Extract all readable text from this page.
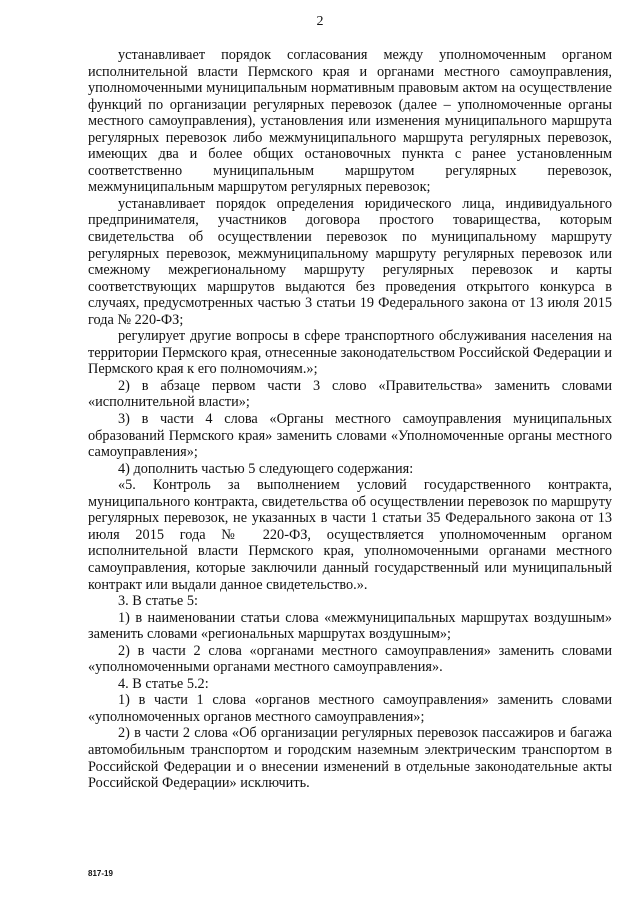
2

устанавливает порядок согласования между уполномоченным органом исполнительной власти Пермского края и органами местного самоуправления, уполномоченными муниципальным нормативным правовым актом на осуществление функций по организации регулярных перевозок (далее – уполномоченные органы местного самоуправления), установления или изменения муниципального маршрута регулярных перевозок либо межмуниципального маршрута регулярных перевозок, имеющих два и более общих остановочных пункта с ранее установленным соответственно муниципальным маршрутом регулярных перевозок, межмуниципальным маршрутом регулярных перевозок;

устанавливает порядок определения юридического лица, индивидуального предпринимателя, участников договора простого товарищества, которым свидетельства об осуществлении перевозок по муниципальному маршруту регулярных перевозок, межмуниципальному маршруту регулярных перевозок или смежному межрегиональному маршруту регулярных перевозок и карты соответствующих маршрутов выдаются без проведения открытого конкурса в случаях, предусмотренных частью 3 статьи 19 Федерального закона от 13 июля 2015 года № 220-ФЗ;

регулирует другие вопросы в сфере транспортного обслуживания населения на территории Пермского края, отнесенные законодательством Российской Федерации и Пермского края к его полномочиям.»;

2) в абзаце первом части 3 слово «Правительства» заменить словами «исполнительной власти»;

3) в части 4 слова «Органы местного самоуправления муниципальных образований Пермского края» заменить словами «Уполномоченные органы местного самоуправления»;

4) дополнить частью 5 следующего содержания:

«5. Контроль за выполнением условий государственного контракта, муниципального контракта, свидетельства об осуществлении перевозок по маршруту регулярных перевозок, не указанных в части 1 статьи 35 Федерального закона от 13 июля 2015 года № 220-ФЗ, осуществляется уполномоченным органом исполнительной власти Пермского края, уполномоченными органами местного самоуправления, которые заключили данный государственный или муниципальный контракт или выдали данное свидетельство.».

3. В статье 5:

1) в наименовании статьи слова «межмуниципальных маршрутах воздушным» заменить словами «региональных маршрутах воздушным»;

2) в части 2 слова «органами местного самоуправления» заменить словами «уполномоченными органами местного самоуправления».

4. В статье 5.2:

1) в части 1 слова «органов местного самоуправления» заменить словами «уполномоченных органов местного самоуправления»;

2) в части 2 слова «Об организации регулярных перевозок пассажиров и багажа автомобильным транспортом и городским наземным электрическим транспортом в Российской Федерации и о внесении изменений в отдельные законодательные акты Российской Федерации» исключить.

817-19
